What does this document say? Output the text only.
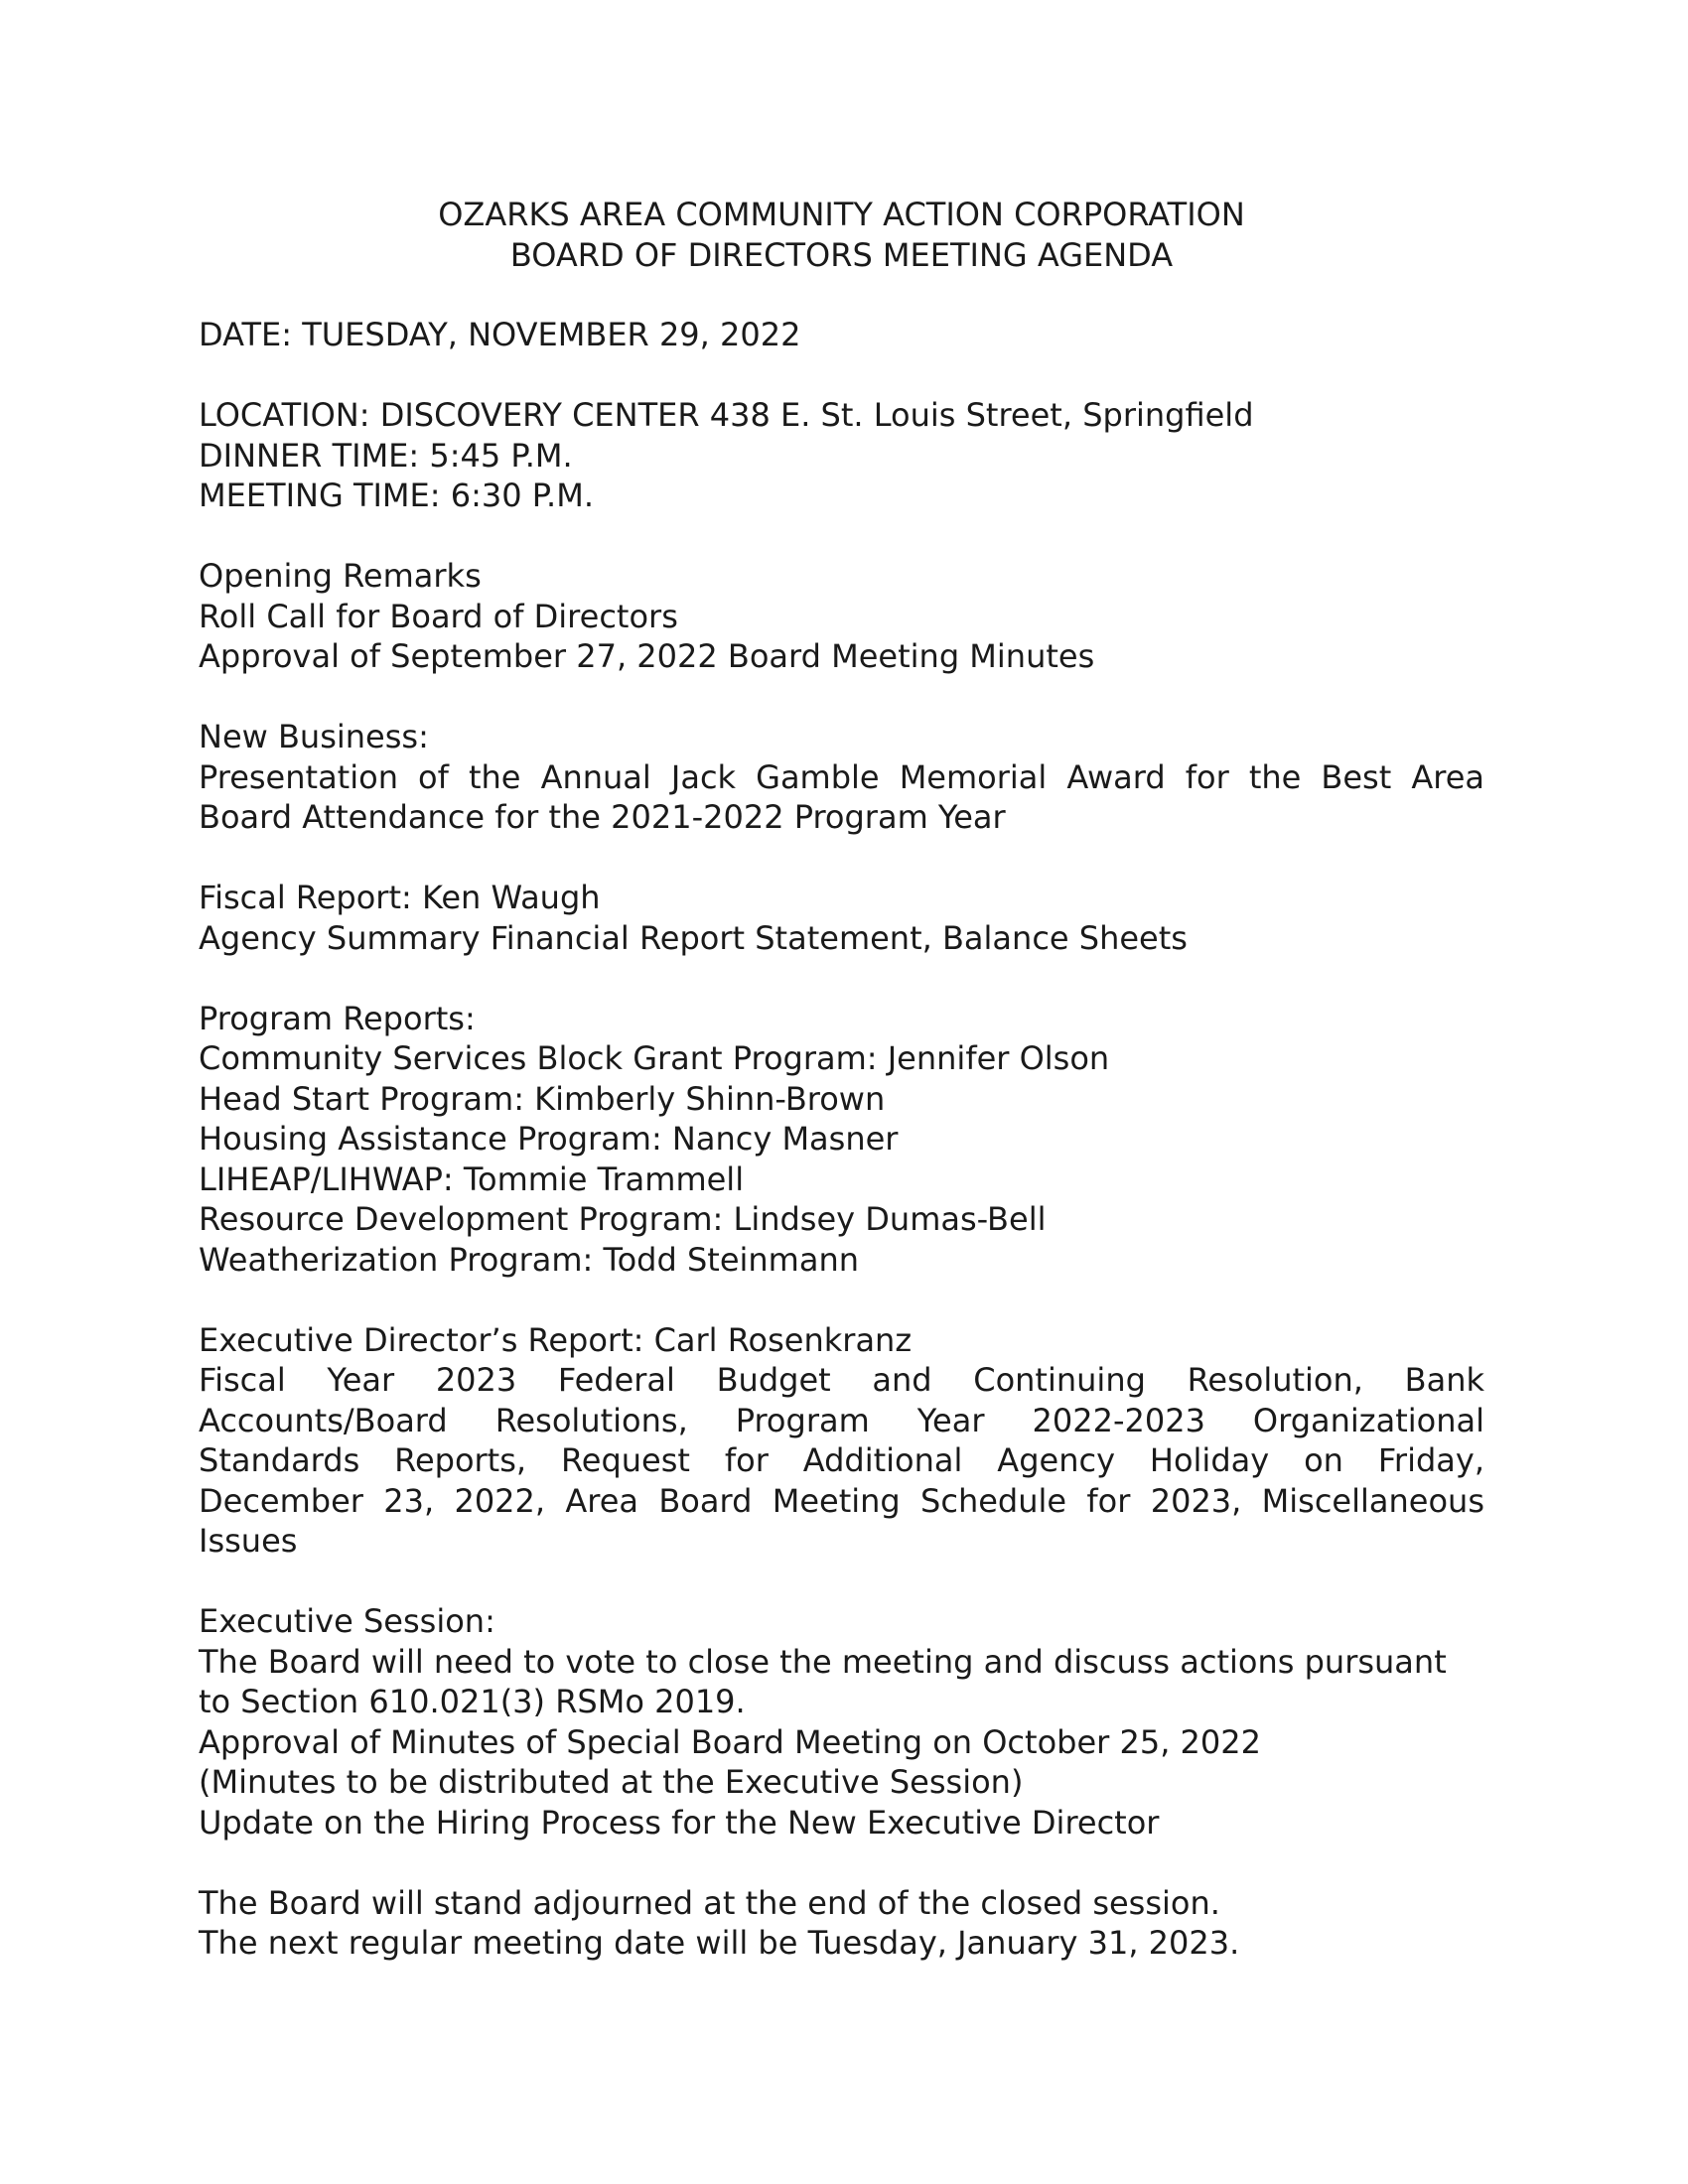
OZARKS AREA COMMUNITY ACTION CORPORATION
BOARD OF DIRECTORS MEETING AGENDA
DATE: TUESDAY, NOVEMBER 29, 2022
LOCATION: DISCOVERY CENTER 438 E. St. Louis Street, Springfield
DINNER TIME: 5:45 P.M.
MEETING TIME: 6:30 P.M.
Opening Remarks
Roll Call for Board of Directors
Approval of September 27, 2022 Board Meeting Minutes
New Business:
Presentation of the Annual Jack Gamble Memorial Award for the Best Area
Board Attendance for the 2021-2022 Program Year
Fiscal Report: Ken Waugh
Agency Summary Financial Report Statement, Balance Sheets
Program Reports:
Community Services Block Grant Program: Jennifer Olson
Head Start Program: Kimberly Shinn-Brown
Housing Assistance Program: Nancy Masner
LIHEAP/LIHWAP: Tommie Trammell
Resource Development Program: Lindsey Dumas-Bell
Weatherization Program: Todd Steinmann
Executive Director’s Report: Carl Rosenkranz
Fiscal Year 2023 Federal Budget and Continuing Resolution, Bank
Accounts/Board Resolutions, Program Year 2022-2023 Organizational
Standards Reports, Request for Additional Agency Holiday on Friday,
December 23, 2022, Area Board Meeting Schedule for 2023, Miscellaneous
Issues
Executive Session:
The Board will need to vote to close the meeting and discuss actions pursuant
to Section 610.021(3) RSMo 2019.
Approval of Minutes of Special Board Meeting on October 25, 2022
(Minutes to be distributed at the Executive Session)
Update on the Hiring Process for the New Executive Director
The Board will stand adjourned at the end of the closed session.
The next regular meeting date will be Tuesday, January 31, 2023.
